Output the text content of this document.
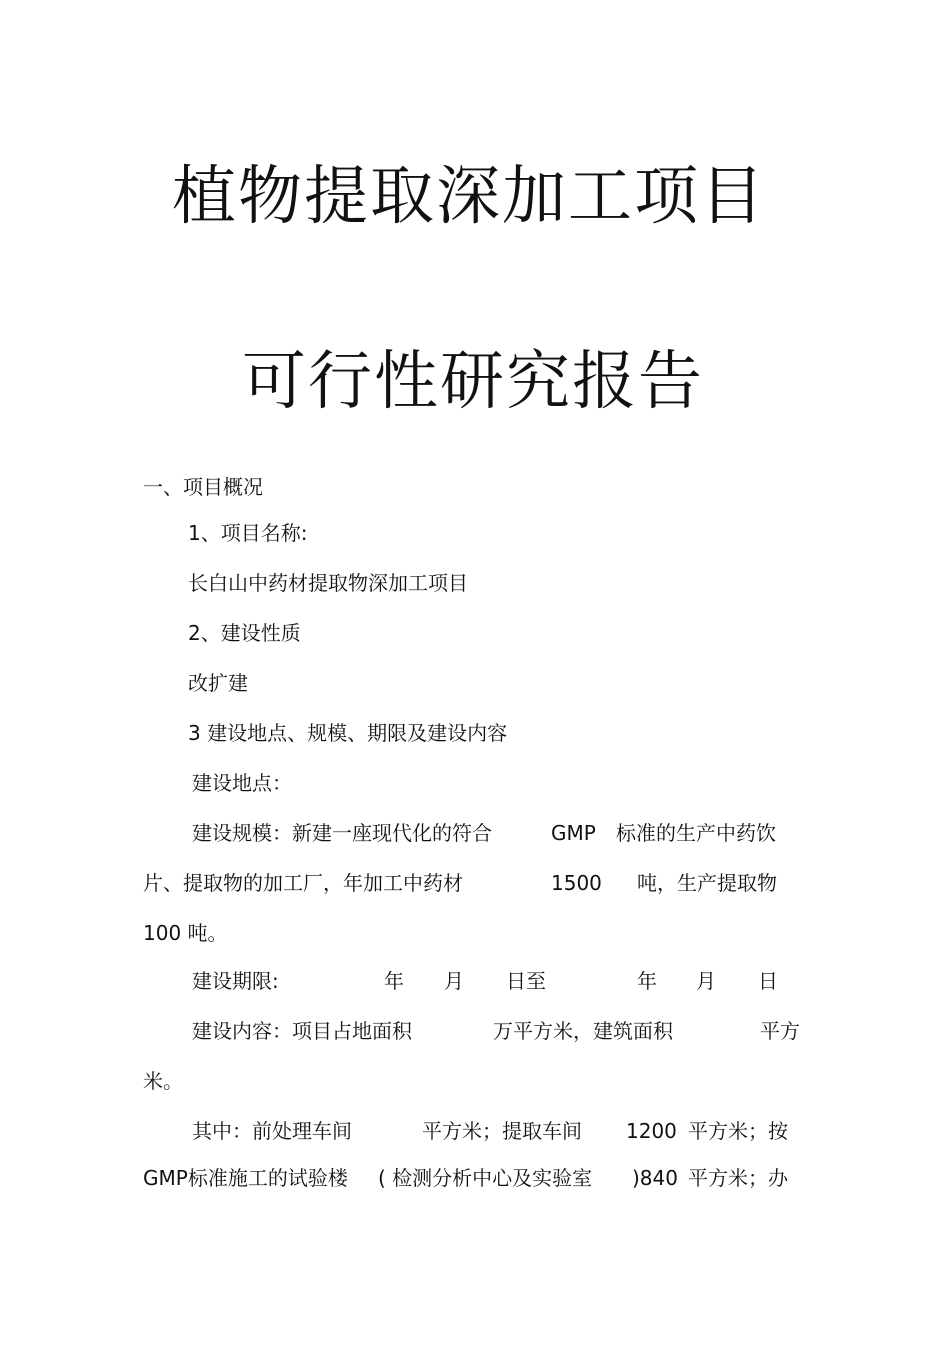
植物提取深加工项目
可行性研究报告
一、项目概况
1、项目名称:
长白山中药材提取物深加工项目
2、建设性质
改扩建
3 建设地点、规模、期限及建设内容
建设地点：
建设规模：新建一座现代化的符合	GMP 标准的生产中药饮
片、提取物的加工厂，年加工中药材	1500 吨，生产提取物
100 吨。
建设期限:	年 月 日至	年 月 日
建设内容：项目占地面积	万平方米，建筑面积	平方
米。
其中：前处理车间	平方米；提取车间 1200 平方米；按
GMP标准施工的试验楼 ( 检测分析中心及实验室 )840 平方米；办
